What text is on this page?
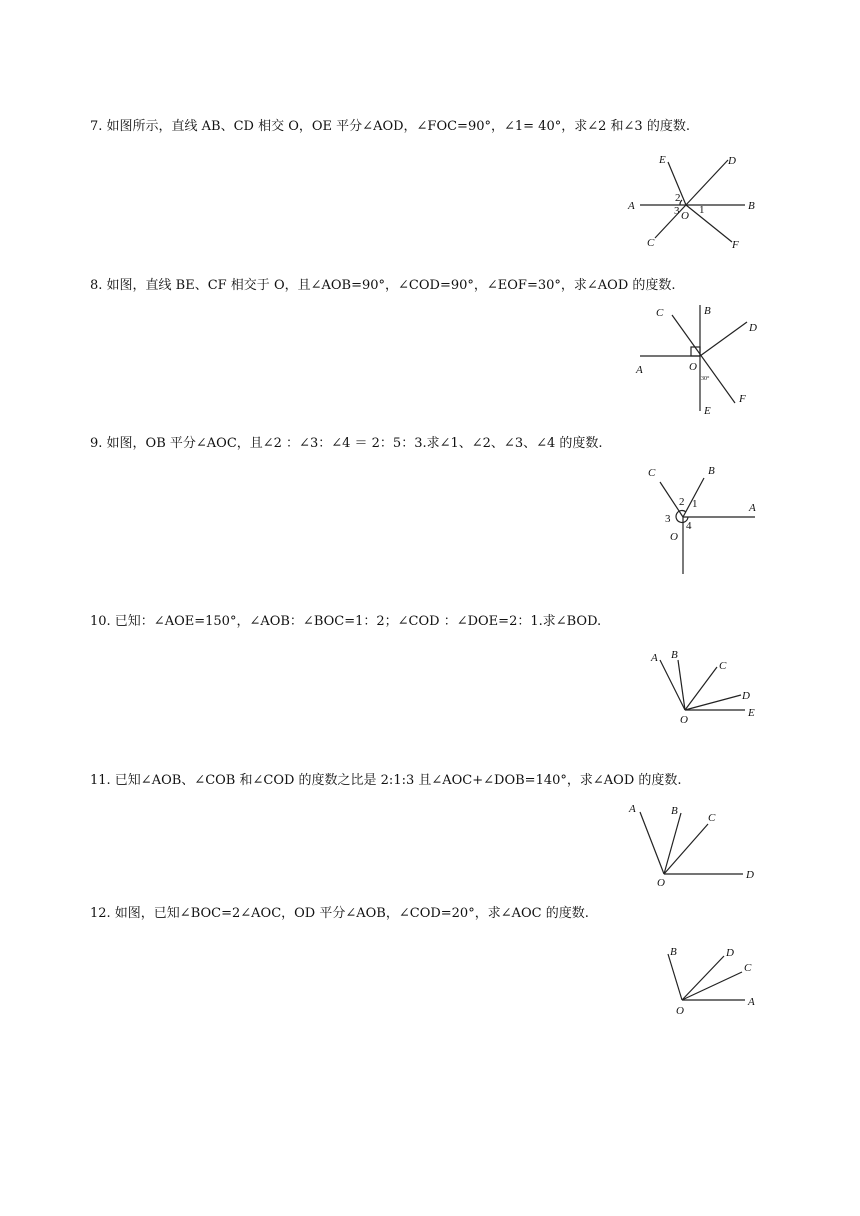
7. 如图所示，直线 AB、CD 相交 O，OE 平分∠AOD，∠FOC=90°，∠1= 40°，求∠2 和∠3 的度数.
E	D
A	B
O
C	F
1
2
3
8. 如图，直线 BE、CF 相交于 O，且∠AOB=90°，∠COD=90°，∠EOF=30°，求∠AOD 的度数.
C	B
D
A	O
E
F
30°
9. 如图，OB 平分∠AOC，且∠2 ：∠3：∠4 ＝ 2：5：3.求∠1、∠2、∠3、∠4 的度数.
C	B
A
O
1
2
3
4
10. 已知：∠AOE=150°，∠AOB：∠BOC=1：2；∠COD ：∠DOE=2：1.求∠BOD.
A B
C
D
E
O
11. 已知∠AOB、∠COB 和∠COD 的度数之比是 2:1:3 且∠AOC+∠DOB=140°，求∠AOD 的度数.
A	B
C
D
O
12. 如图，已知∠BOC=2∠AOC，OD 平分∠AOB，∠COD=20°，求∠AOC 的度数.
B	D
C
A
O
